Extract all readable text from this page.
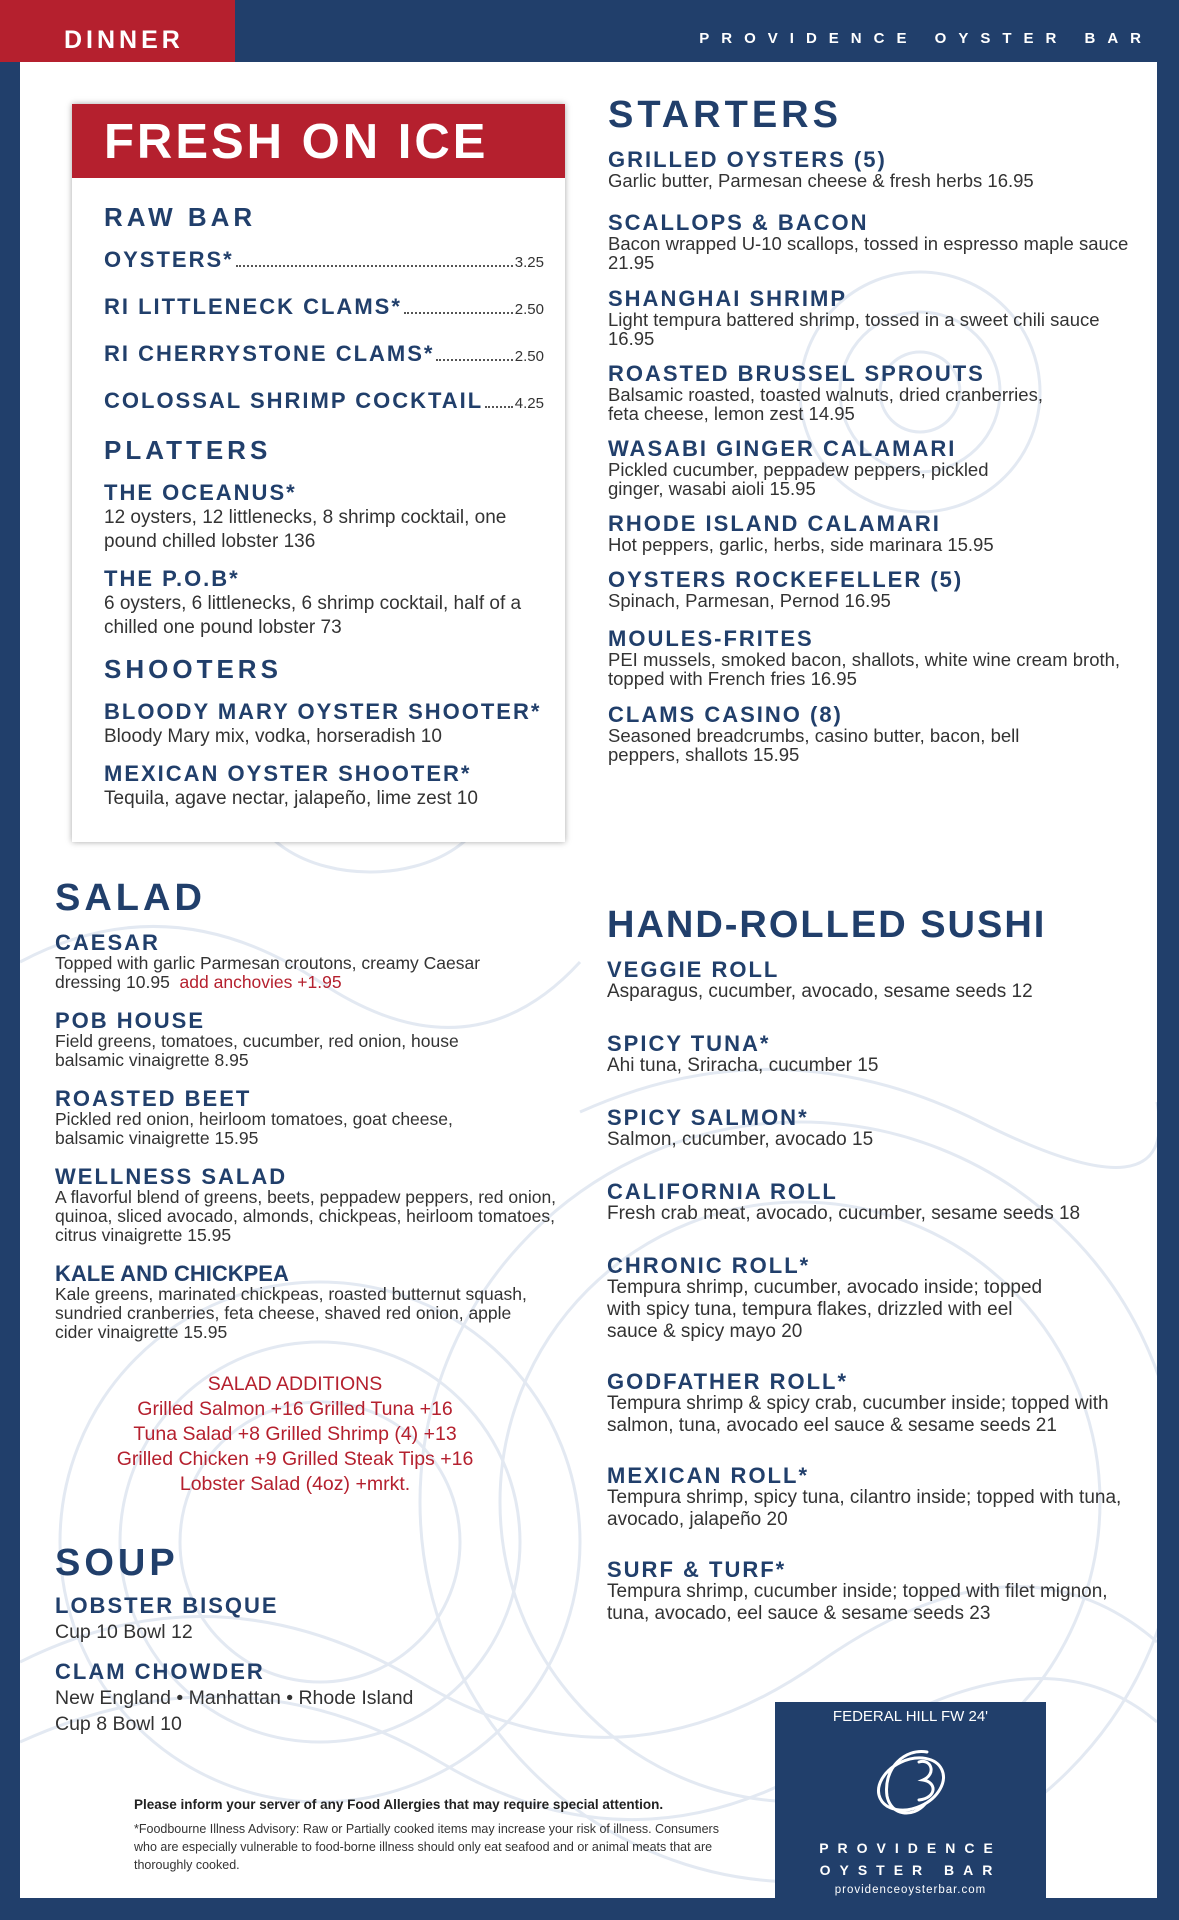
DINNER	PROVIDENCE OYSTER BAR
FRESH ON ICE
RAW BAR
OYSTERS*	3.25
RI LITTLENECK CLAMS*	2.50
RI CHERRYSTONE CLAMS*	2.50
COLOSSAL SHRIMP COCKTAIL 4.25
PLATTERS
THE OCEANUS*
12 oysters, 12 littlenecks, 8 shrimp cocktail, one pound chilled lobster 136
THE P.O.B*
6 oysters, 6 littlenecks, 6 shrimp cocktail, half of a chilled one pound lobster 73
SHOOTERS
BLOODY MARY OYSTER SHOOTER*
Bloody Mary mix, vodka, horseradish 10
MEXICAN OYSTER SHOOTER*
Tequila, agave nectar, jalapeño, lime zest 10
STARTERS
GRILLED OYSTERS (5)
Garlic butter, Parmesan cheese & fresh herbs 16.95
SCALLOPS & BACON
Bacon wrapped U-10 scallops, tossed in espresso maple sauce 21.95
SHANGHAI SHRIMP
Light tempura battered shrimp, tossed in a sweet chili sauce 16.95
ROASTED BRUSSEL SPROUTS
Balsamic roasted, toasted walnuts, dried cranberries, feta cheese, lemon zest 14.95
WASABI GINGER CALAMARI
Pickled cucumber, peppadew peppers, pickled ginger, wasabi aioli 15.95
RHODE ISLAND CALAMARI
Hot peppers, garlic, herbs, side marinara 15.95
OYSTERS ROCKEFELLER (5)
Spinach, Parmesan, Pernod 16.95
MOULES-FRITES
PEI mussels, smoked bacon, shallots, white wine cream broth, topped with French fries 16.95
CLAMS CASINO (8)
Seasoned breadcrumbs, casino butter, bacon, bell peppers, shallots 15.95
SALAD
CAESAR
Topped with garlic Parmesan croutons, creamy Caesar dressing 10.95 add anchovies +1.95
POB HOUSE
Field greens, tomatoes, cucumber, red onion, house balsamic vinaigrette 8.95
ROASTED BEET
Pickled red onion, heirloom tomatoes, goat cheese, balsamic vinaigrette 15.95
WELLNESS SALAD
A flavorful blend of greens, beets, peppadew peppers, red onion, quinoa, sliced avocado, almonds, chickpeas, heirloom tomatoes, citrus vinaigrette 15.95
KALE AND CHICKPEA
Kale greens, marinated chickpeas, roasted butternut squash, sundried cranberries, feta cheese, shaved red onion, apple cider vinaigrette 15.95
SALAD ADDITIONS
Grilled Salmon +16 Grilled Tuna +16
Tuna Salad +8 Grilled Shrimp (4) +13
Grilled Chicken +9 Grilled Steak Tips +16
Lobster Salad (4oz) +mrkt.
SOUP
LOBSTER BISQUE
Cup 10 Bowl 12
CLAM CHOWDER
New England • Manhattan • Rhode Island
Cup 8 Bowl 10
HAND-ROLLED SUSHI
VEGGIE ROLL
Asparagus, cucumber, avocado, sesame seeds 12
SPICY TUNA*
Ahi tuna, Sriracha, cucumber 15
SPICY SALMON*
Salmon, cucumber, avocado 15
CALIFORNIA ROLL
Fresh crab meat, avocado, cucumber, sesame seeds 18
CHRONIC ROLL*
Tempura shrimp, cucumber, avocado inside; topped with spicy tuna, tempura flakes, drizzled with eel sauce & spicy mayo 20
GODFATHER ROLL*
Tempura shrimp & spicy crab, cucumber inside; topped with salmon, tuna, avocado eel sauce & sesame seeds 21
MEXICAN ROLL*
Tempura shrimp, spicy tuna, cilantro inside; topped with tuna, avocado, jalapeño 20
SURF & TURF*
Tempura shrimp, cucumber inside; topped with filet mignon, tuna, avocado, eel sauce & sesame seeds 23
Please inform your server of any Food Allergies that may require special attention.
*Foodbourne Illness Advisory: Raw or Partially cooked items may increase your risk of illness. Consumers who are especially vulnerable to food-borne illness should only eat seafood and or animal meats that are thoroughly cooked.
FEDERAL HILL FW 24'
PROVIDENCE
OYSTER BAR
providenceoysterbar.com
